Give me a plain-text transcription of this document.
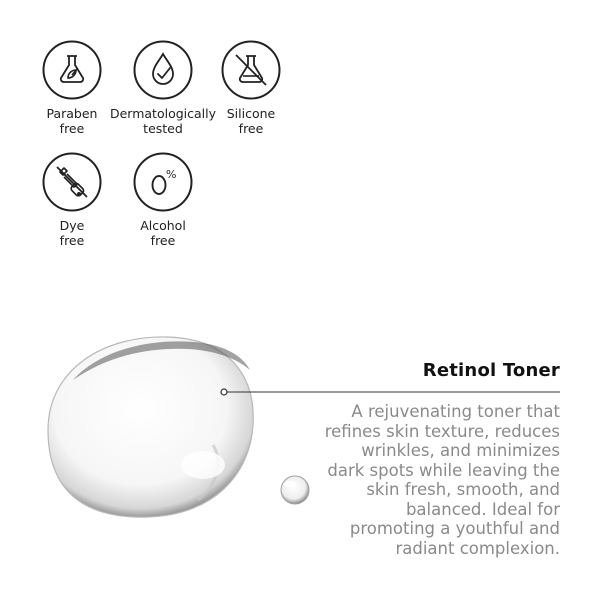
Paraben
free
Dermatologically
tested
Silicone
free
Dye
free
%
Alcohol
free
Retinol Toner
A rejuvenating toner that
refines skin texture, reduces
wrinkles, and minimizes
dark spots while leaving the
skin fresh, smooth, and
balanced. Ideal for
promoting a youthful and
radiant complexion.
